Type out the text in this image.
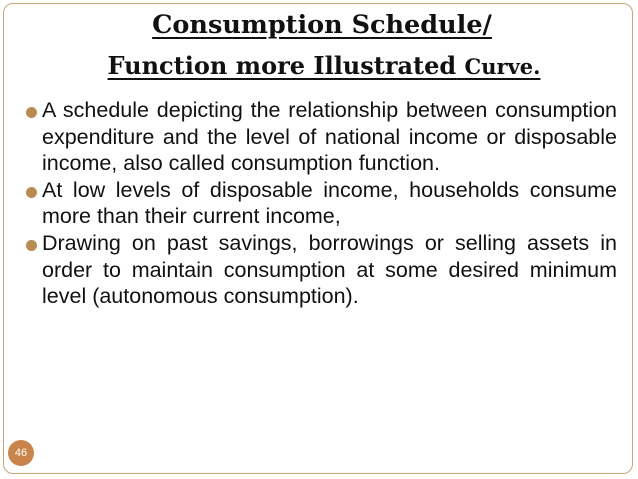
Consumption Schedule/
Function more Illustrated Curve.
A schedule depicting the relationship between consumption expenditure and the level of national income or disposable income, also called consumption function.
At low levels of disposable income, households consume more than their current income,
Drawing on past savings, borrowings or selling assets in order to maintain consumption at some desired minimum level (autonomous consumption).
46
